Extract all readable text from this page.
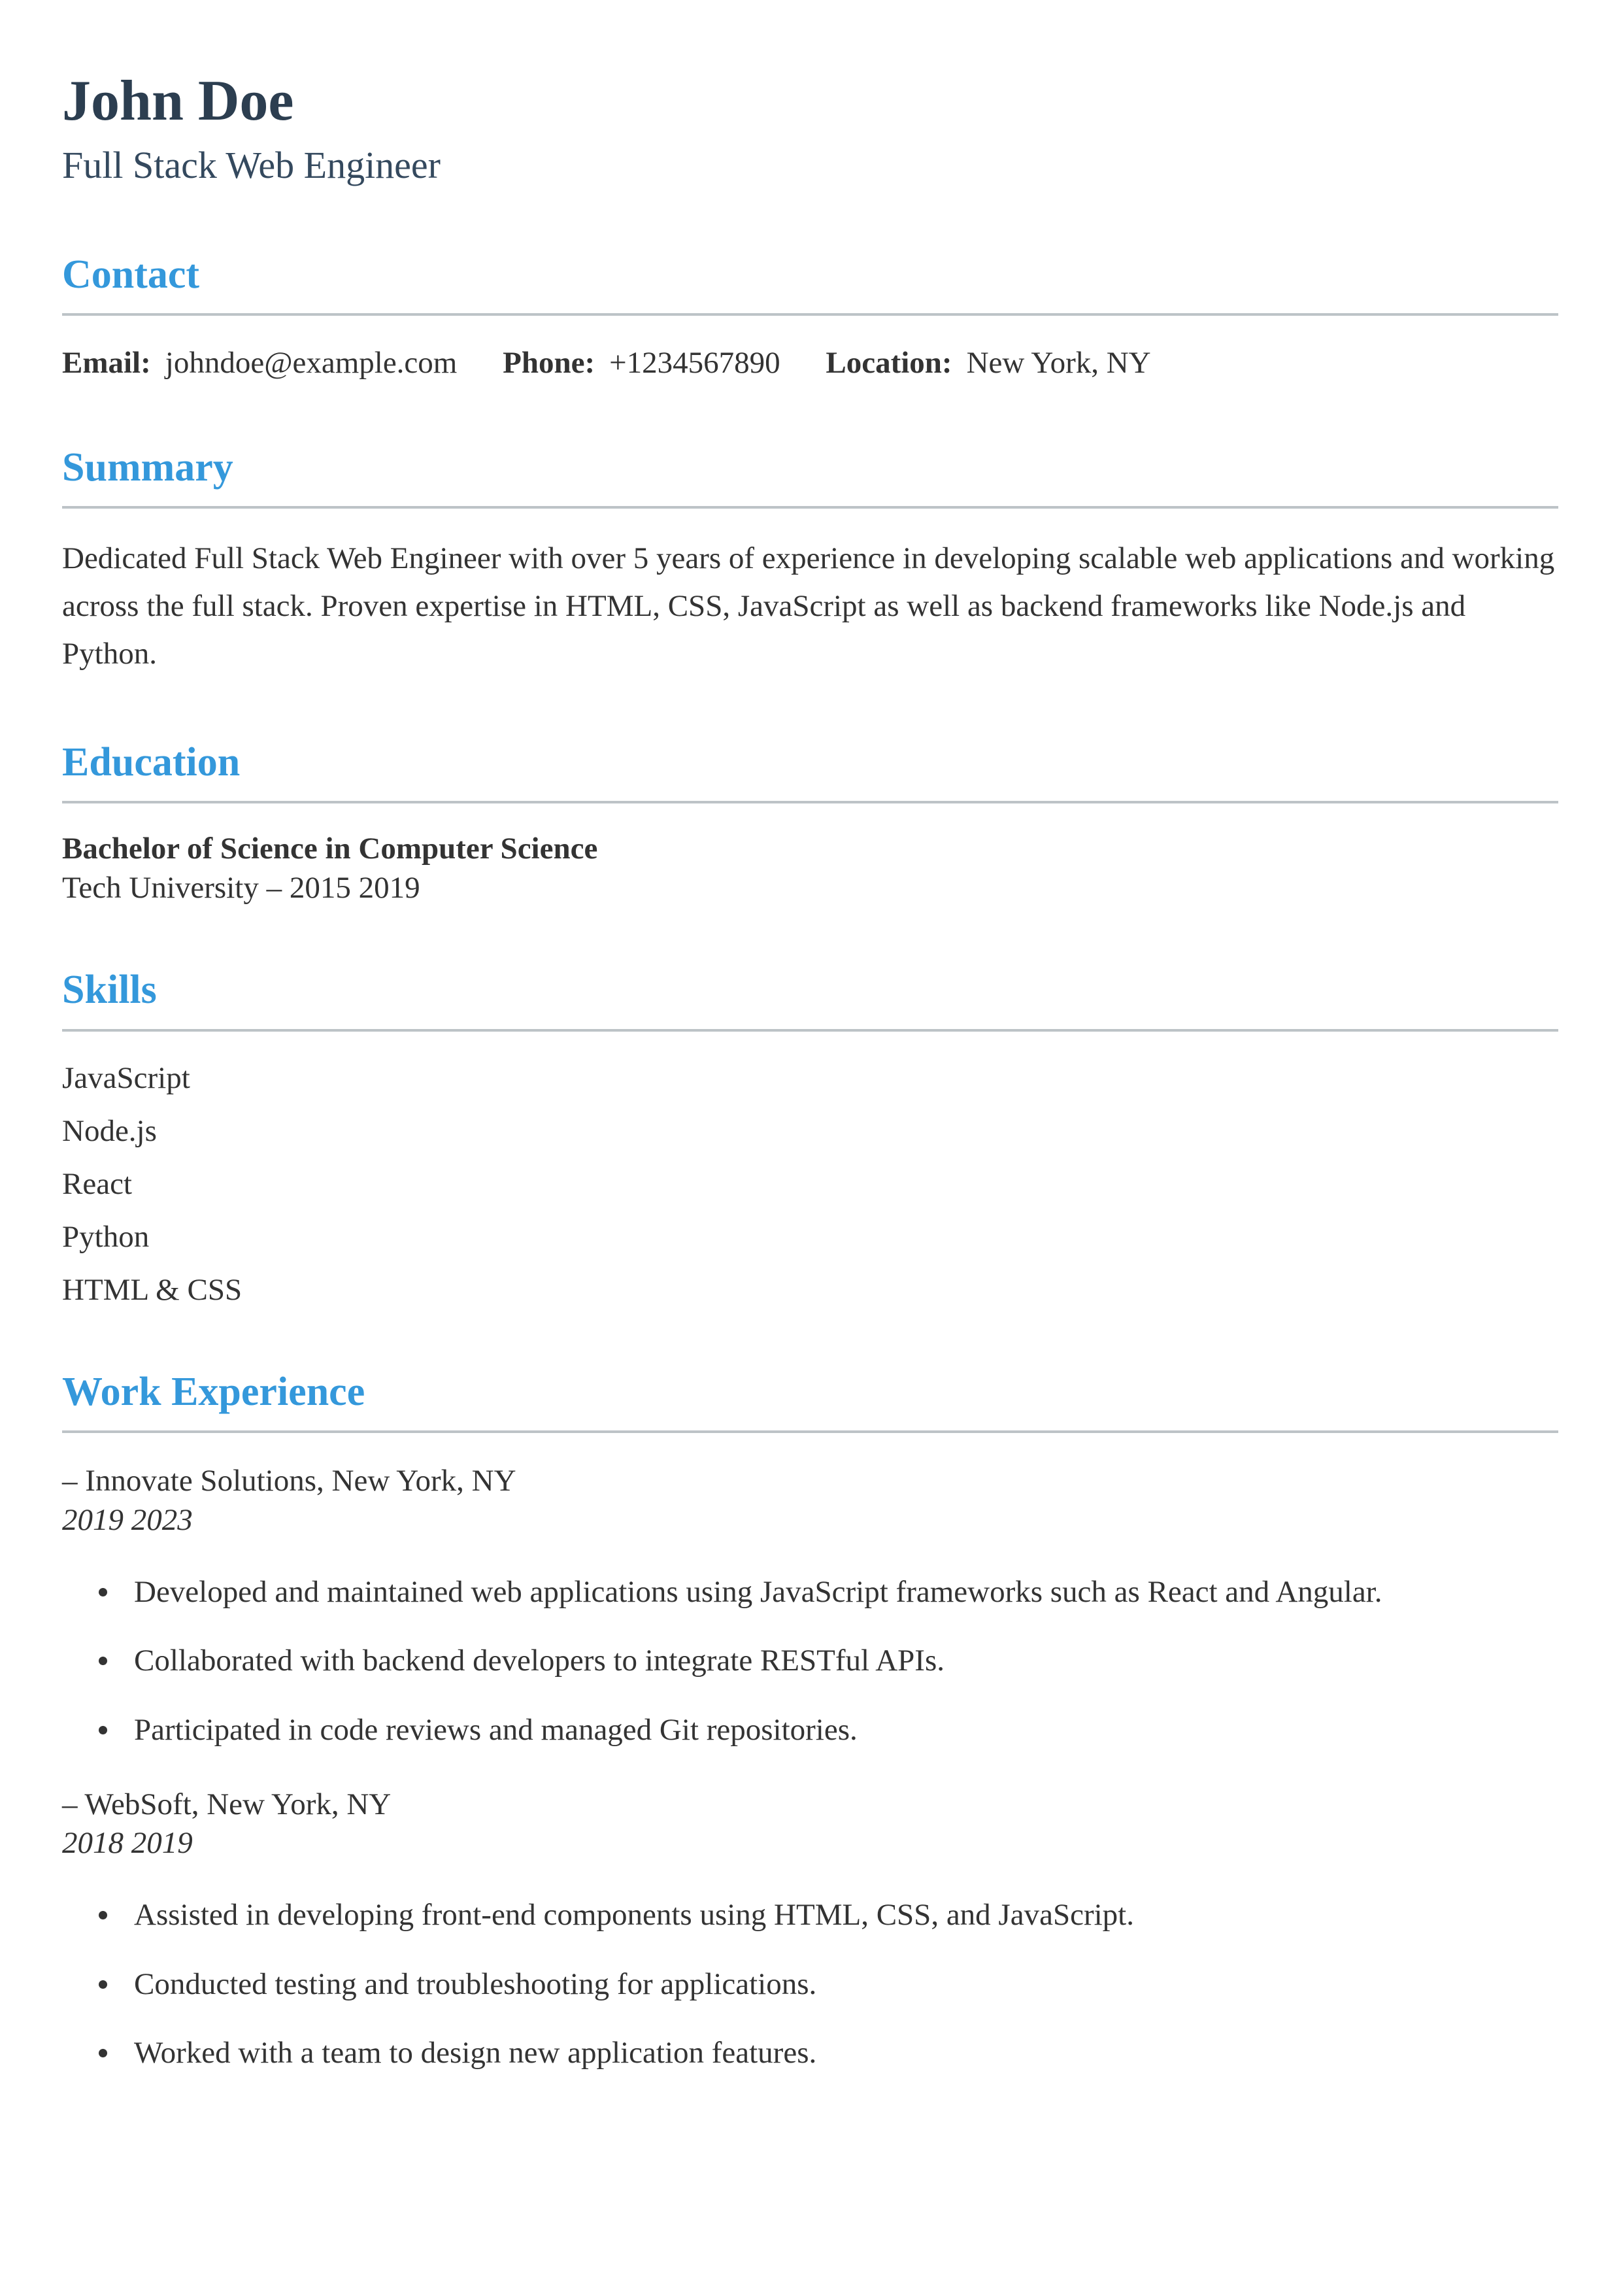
John Doe

Full Stack Web Engineer

Contact
Email: johndoe@example.com Phone: +1234567890 Location: New York, NY
Summary

Dedicated Full Stack Web Engineer with over 5 years of experience in developing scalable web applications and working across the full stack. Proven expertise in HTML, CSS, JavaScript as well as backend frameworks like Node.js and Python.

Education

Bachelor of Science in Computer Science

Tech University – 2015 2019

Skills
JavaScript
Node.js
React
Python
HTML & CSS
Work Experience

– Innovate Solutions, New York, NY

2019 2023

Developed and maintained web applications using JavaScript frameworks such as React and Angular.
Collaborated with backend developers to integrate RESTful APIs.
Participated in code reviews and managed Git repositories.

– WebSoft, New York, NY

2018 2019

Assisted in developing front-end components using HTML, CSS, and JavaScript.
Conducted testing and troubleshooting for applications.
Worked with a team to design new application features.
